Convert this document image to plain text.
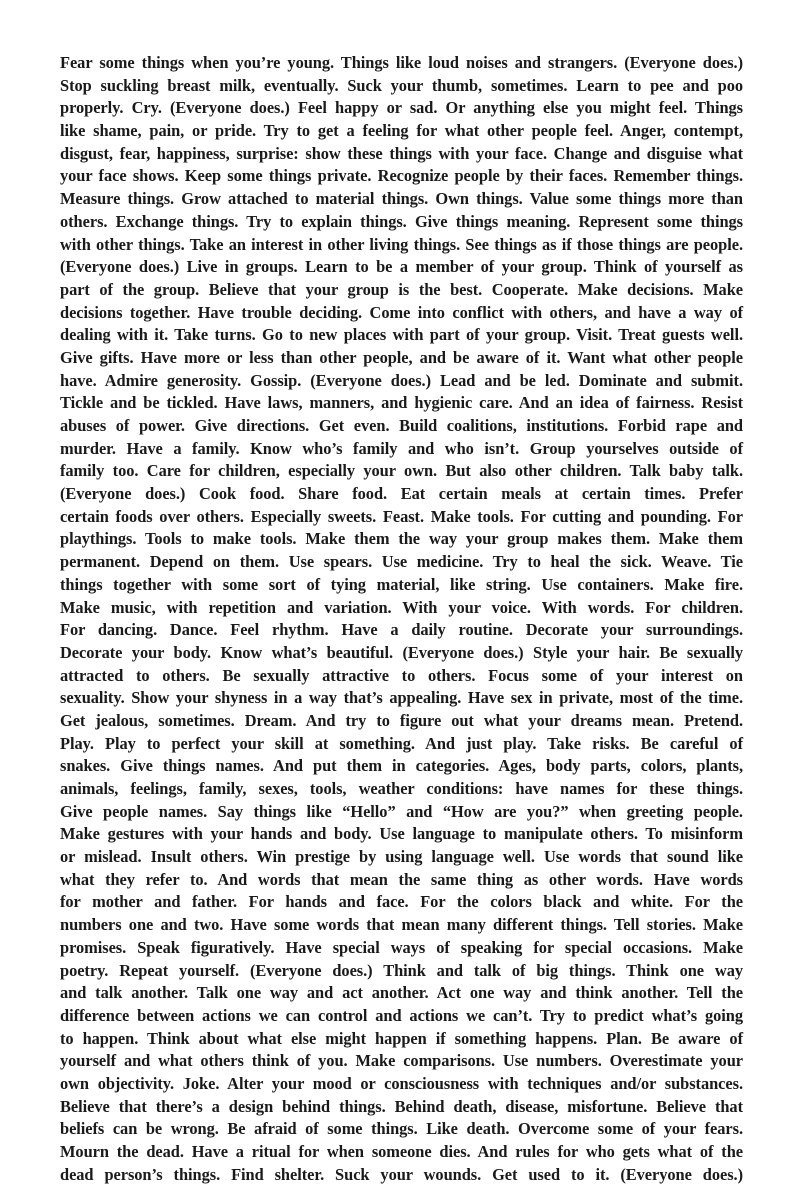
Fear some things when you’re young. Things like loud noises and strangers. (Everyone does.)
Stop suckling breast milk, eventually. Suck your thumb, sometimes. Learn to pee and poo
properly. Cry. (Everyone does.) Feel happy or sad. Or anything else you might feel. Things
like shame, pain, or pride. Try to get a feeling for what other people feel. Anger, contempt,
disgust, fear, happiness, surprise: show these things with your face. Change and disguise what
your face shows. Keep some things private. Recognize people by their faces. Remember things.
Measure things. Grow attached to material things. Own things. Value some things more than
others. Exchange things. Try to explain things. Give things meaning. Represent some things
with other things. Take an interest in other living things. See things as if those things are people.
(Everyone does.) Live in groups. Learn to be a member of your group. Think of yourself as
part of the group. Believe that your group is the best. Cooperate. Make decisions. Make
decisions together. Have trouble deciding. Come into conflict with others, and have a way of
dealing with it. Take turns. Go to new places with part of your group. Visit. Treat guests well.
Give gifts. Have more or less than other people, and be aware of it. Want what other people
have. Admire generosity. Gossip. (Everyone does.) Lead and be led. Dominate and submit.
Tickle and be tickled. Have laws, manners, and hygienic care. And an idea of fairness. Resist
abuses of power. Give directions. Get even. Build coalitions, institutions. Forbid rape and
murder. Have a family. Know who’s family and who isn’t. Group yourselves outside of
family too. Care for children, especially your own. But also other children. Talk baby talk.
(Everyone does.) Cook food. Share food. Eat certain meals at certain times. Prefer
certain foods over others. Especially sweets. Feast. Make tools. For cutting and pounding. For
playthings. Tools to make tools. Make them the way your group makes them. Make them
permanent. Depend on them. Use spears. Use medicine. Try to heal the sick. Weave. Tie
things together with some sort of tying material, like string. Use containers. Make fire.
Make music, with repetition and variation. With your voice. With words. For children.
For dancing. Dance. Feel rhythm. Have a daily routine. Decorate your surroundings.
Decorate your body. Know what’s beautiful. (Everyone does.) Style your hair. Be sexually
attracted to others. Be sexually attractive to others. Focus some of your interest on
sexuality. Show your shyness in a way that’s appealing. Have sex in private, most of the time.
Get jealous, sometimes. Dream. And try to figure out what your dreams mean. Pretend.
Play. Play to perfect your skill at something. And just play. Take risks. Be careful of
snakes. Give things names. And put them in categories. Ages, body parts, colors, plants,
animals, feelings, family, sexes, tools, weather conditions: have names for these things.
Give people names. Say things like “Hello” and “How are you?” when greeting people.
Make gestures with your hands and body. Use language to manipulate others. To misinform
or mislead. Insult others. Win prestige by using language well. Use words that sound like
what they refer to. And words that mean the same thing as other words. Have words
for mother and father. For hands and face. For the colors black and white. For the
numbers one and two. Have some words that mean many different things. Tell stories. Make
promises. Speak figuratively. Have special ways of speaking for special occasions. Make
poetry. Repeat yourself. (Everyone does.) Think and talk of big things. Think one way
and talk another. Talk one way and act another. Act one way and think another. Tell the
difference between actions we can control and actions we can’t. Try to predict what’s going
to happen. Think about what else might happen if something happens. Plan. Be aware of
yourself and what others think of you. Make comparisons. Use numbers. Overestimate your
own objectivity. Joke. Alter your mood or consciousness with techniques and/or substances.
Believe that there’s a design behind things. Behind death, disease, misfortune. Believe that
beliefs can be wrong. Be afraid of some things. Like death. Overcome some of your fears.
Mourn the dead. Have a ritual for when someone dies. And rules for who gets what of the
dead person’s things. Find shelter. Suck your wounds. Get used to it. (Everyone does.)
